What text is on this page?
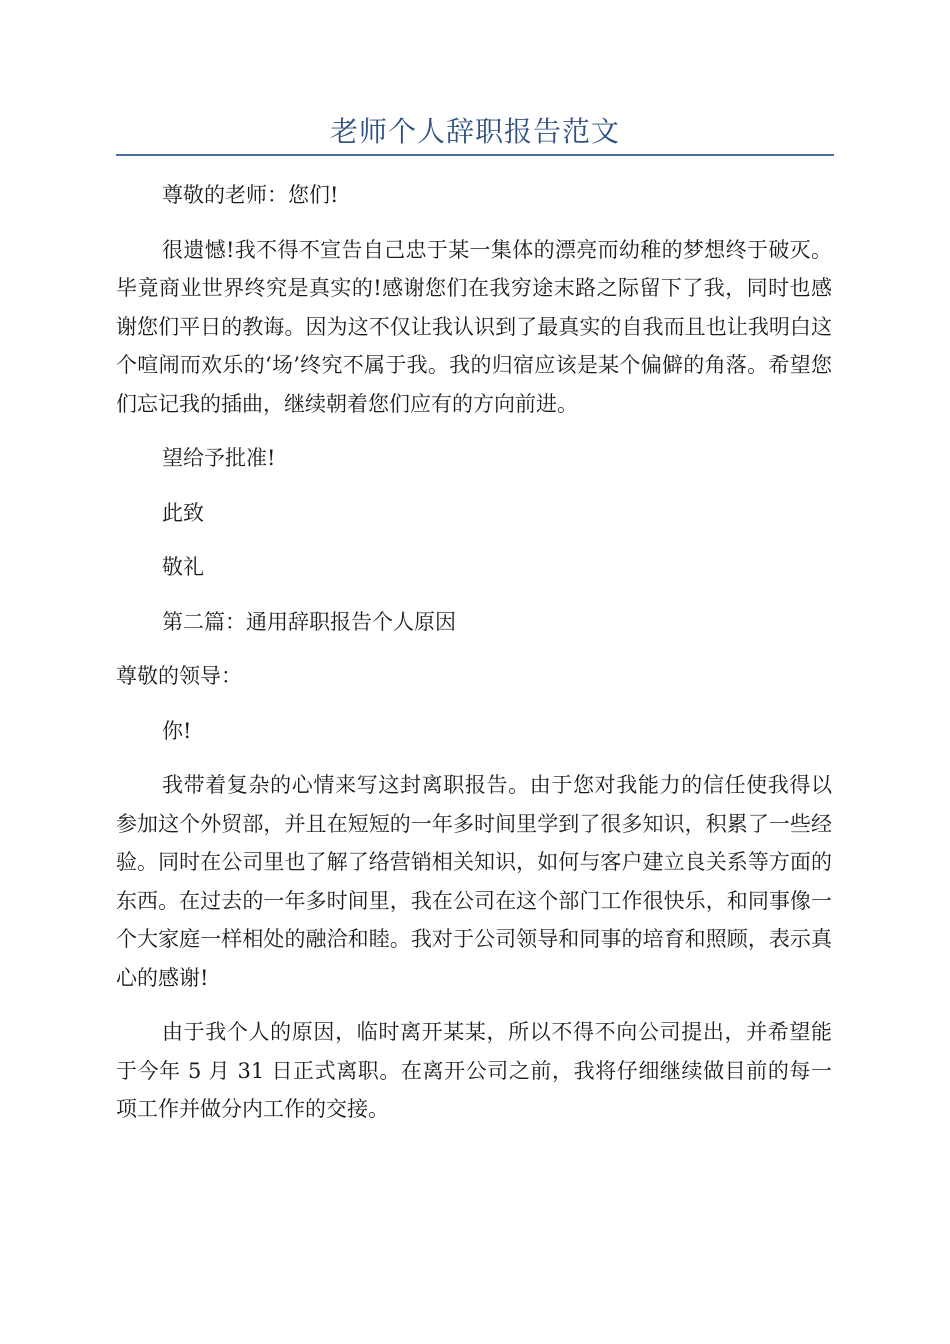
老师个人辞职报告范文

尊敬的老师：您们!

很遗憾!我不得不宣告自己忠于某一集体的漂亮而幼稚的梦想终于破灭。毕竟商业世界终究是真实的!感谢您们在我穷途末路之际留下了我，同时也感谢您们平日的教诲。因为这不仅让我认识到了最真实的自我而且也让我明白这个喧闹而欢乐的‘场’终究不属于我。我的归宿应该是某个偏僻的角落。希望您们忘记我的插曲，继续朝着您们应有的方向前进。

望给予批准!

此致

敬礼

第二篇：通用辞职报告个人原因

尊敬的领导：

你!

我带着复杂的心情来写这封离职报告。由于您对我能力的信任使我得以参加这个外贸部，并且在短短的一年多时间里学到了很多知识，积累了一些经验。同时在公司里也了解了络营销相关知识，如何与客户建立良关系等方面的东西。在过去的一年多时间里，我在公司在这个部门工作很快乐，和同事像一个大家庭一样相处的融洽和睦。我对于公司领导和同事的培育和照顾，表示真心的感谢!

由于我个人的原因，临时离开某某，所以不得不向公司提出，并希望能于今年 5 月 31 日正式离职。在离开公司之前，我将仔细继续做目前的每一项工作并做分内工作的交接。
